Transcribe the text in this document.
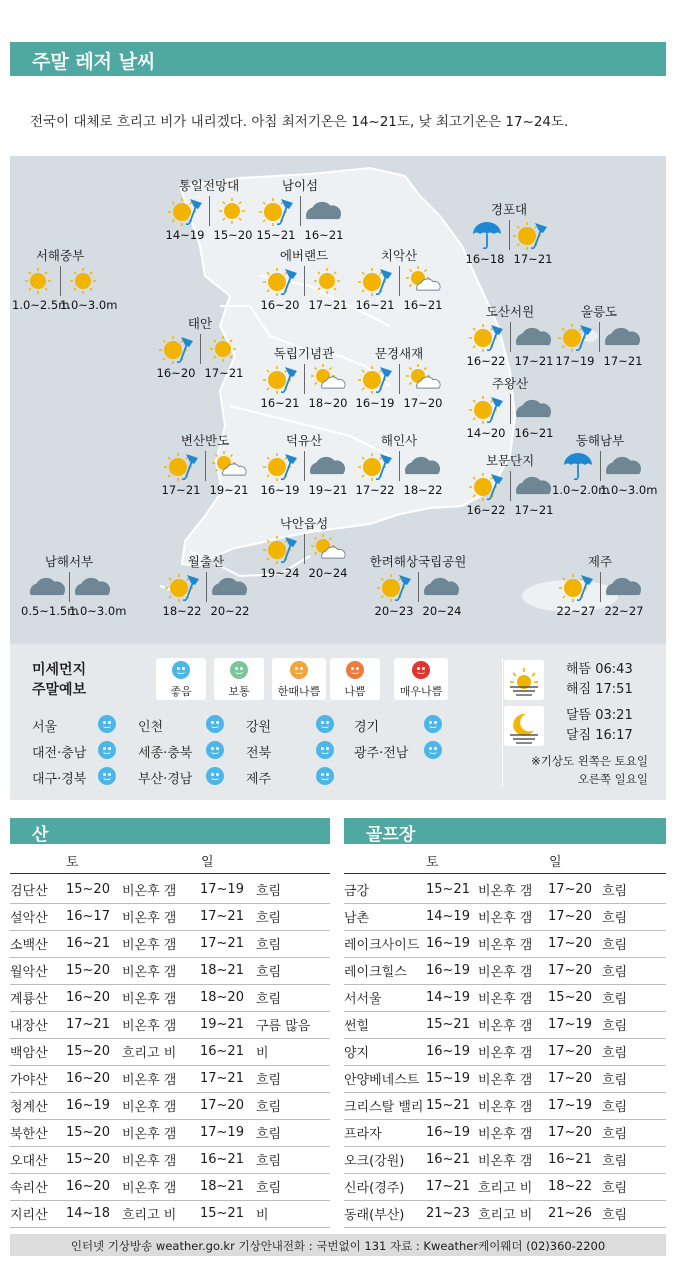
주말 레저 날씨
전국이 대체로 흐리고 비가 내리겠다. 아침 최저기온은 14~21도, 낮 최고기온은 17~24도.
통일전망대
14~19 15~20
남이섬
15~21 16~21
경포대
16~18 17~21
서해중부
1.0~2.5m
1.0~3.0m
에버랜드
16~20 17~21
치악산
16~21 16~21
태안
16~20 17~21
도산서원
16~22 17~21
울릉도
17~19 17~21
독립기념관
16~21 18~20
문경새재
16~19 17~20
주왕산
14~20 16~21
변산반도
17~21 19~21
덕유산
16~19 19~21
해인사
17~22 18~22
동해남부
1.0~2.0m
1.0~3.0m
보문단지
16~22 17~21
낙안읍성
19~24 20~24
남해서부
0.5~1.5m
1.0~3.0m
월출산
18~22 20~22
한려해상국립공원
20~23 20~24
제주
22~27 22~27
미세먼지
주말예보	좋음	보통	한때나쁨	나쁨	매우나쁨
서울	인천	강원	경기
대전·충남	세종·충북	전북	광주·전남
대구·경북	부산·경남	제주
해뜸 06:43
해짐 17:51
달뜸 03:21
달짐 16:17
※기상도 왼쪽은 토요일
오른쪽 일요일
산	골프장
토	일	토	일
검단산	15~20	비온후 갬	17~19	흐림
설악산	16~17	비온후 갬	17~21	흐림
소백산	16~21	비온후 갬	17~21	흐림
월악산	15~20	비온후 갬	18~21	흐림
계룡산	16~20	비온후 갬	18~20	흐림
내장산	17~21	비온후 갬	19~21	구름 많음
백암산	15~20	흐리고 비	16~21	비
가야산	16~20	비온후 갬	17~21	흐림
청계산	16~19	비온후 갬	17~20	흐림
북한산	15~20	비온후 갬	17~19	흐림
오대산	15~20	비온후 갬	16~21	흐림
속리산	16~20	비온후 갬	18~21	흐림
지리산	14~18	흐리고 비	15~21	비
금강	15~21	비온후 갬	17~20	흐림
남촌	14~19	비온후 갬	17~20	흐림
레이크사이드	16~19	비온후 갬	17~20	흐림
레이크힐스	16~19	비온후 갬	17~20	흐림
서서울	14~19	비온후 갬	15~20	흐림
썬힐	15~21	비온후 갬	17~19	흐림
양지	16~19	비온후 갬	17~20	흐림
안양베네스트	15~19	비온후 갬	17~20	흐림
크리스탈 밸리	15~21	비온후 갬	17~19	흐림
프라자	16~19	비온후 갬	17~20	흐림
오크(강원)	16~21	비온후 갬	16~21	흐림
신라(경주)	17~21	흐리고 비	18~22	흐림
동래(부산)	21~23	흐리고 비	21~26	흐림
인터넷 기상방송 weather.go.kr 기상안내전화 : 국번없이 131 자료 : Kweather케이웨더 (02)360-2200
